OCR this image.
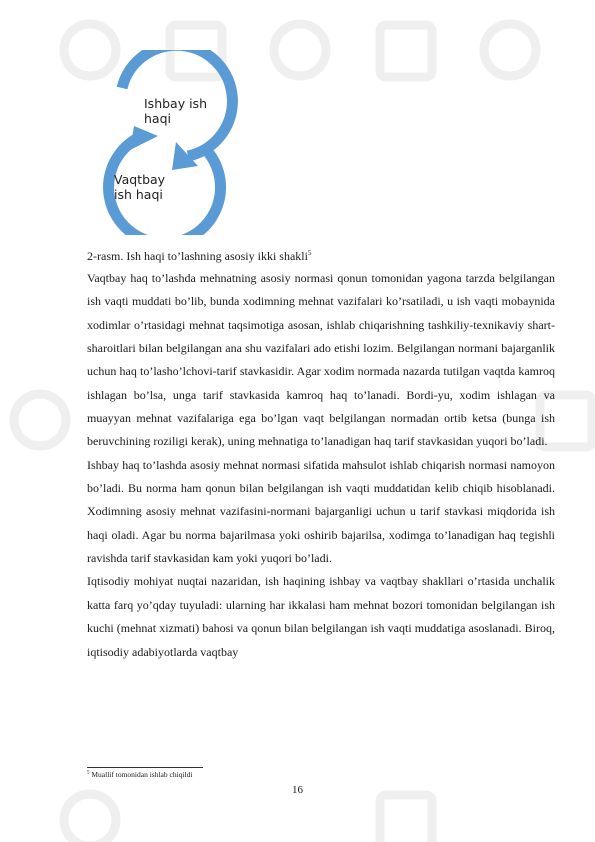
Ishbay ish haqi
Vaqtbay ish haqi
2-rasm. Ish haqi to’lashning asosiy ikki shakli$^5$

Vaqtbay haq to’lashda mehnatning asosiy normasi qonun tomonidan yagona tarzda belgilangan ish vaqti muddati bo’lib, bunda xodimning mehnat vazifalari ko’rsatiladi, u ish vaqti mobaynida xodimlar o’rtasidagi mehnat taqsimotiga asosan, ishlab chiqarishning tashkiliy-texnikaviy shart-sharoitlari bilan belgilangan ana shu vazifalari ado etishi lozim. Belgilangan normani bajarganlik uchun haq to’lasho’lchovi-tarif stavkasidir. Agar xodim normada nazarda tutilgan vaqtda kamroq ishlagan bo’lsa, unga tarif stavkasida kamroq haq to’lanadi. Bordi-yu, xodim ishlagan va muayyan mehnat vazifalariga ega bo’lgan vaqt belgilangan normadan ortib ketsa (bunga ish beruvchining roziligi kerak), uning mehnatiga to’lanadigan haq tarif stavkasidan yuqori bo’ladi.

Ishbay haq to’lashda asosiy mehnat normasi sifatida mahsulot ishlab chiqarish normasi namoyon bo’ladi. Bu norma ham qonun bilan belgilangan ish vaqti muddatidan kelib chiqib hisoblanadi. Xodimning asosiy mehnat vazifasini-normani bajarganligi uchun u tarif stavkasi miqdorida ish haqi oladi. Agar bu norma bajarilmasa yoki oshirib bajarilsa, xodimga to’lanadigan haq tegishli ravishda tarif stavkasidan kam yoki yuqori bo’ladi.

Iqtisodiy mohiyat nuqtai nazaridan, ish haqining ishbay va vaqtbay shakllari o’rtasida unchalik katta farq yo’qday tuyuladi: ularning har ikkalasi ham mehnat bozori tomonidan belgilangan ish kuchi (mehnat xizmati) bahosi va qonun bilan belgilangan ish vaqti muddatiga asoslanadi. Biroq, iqtisodiy adabiyotlarda vaqtbay

$^5$ Muallif tomonidan ishlab chiqildi
16
